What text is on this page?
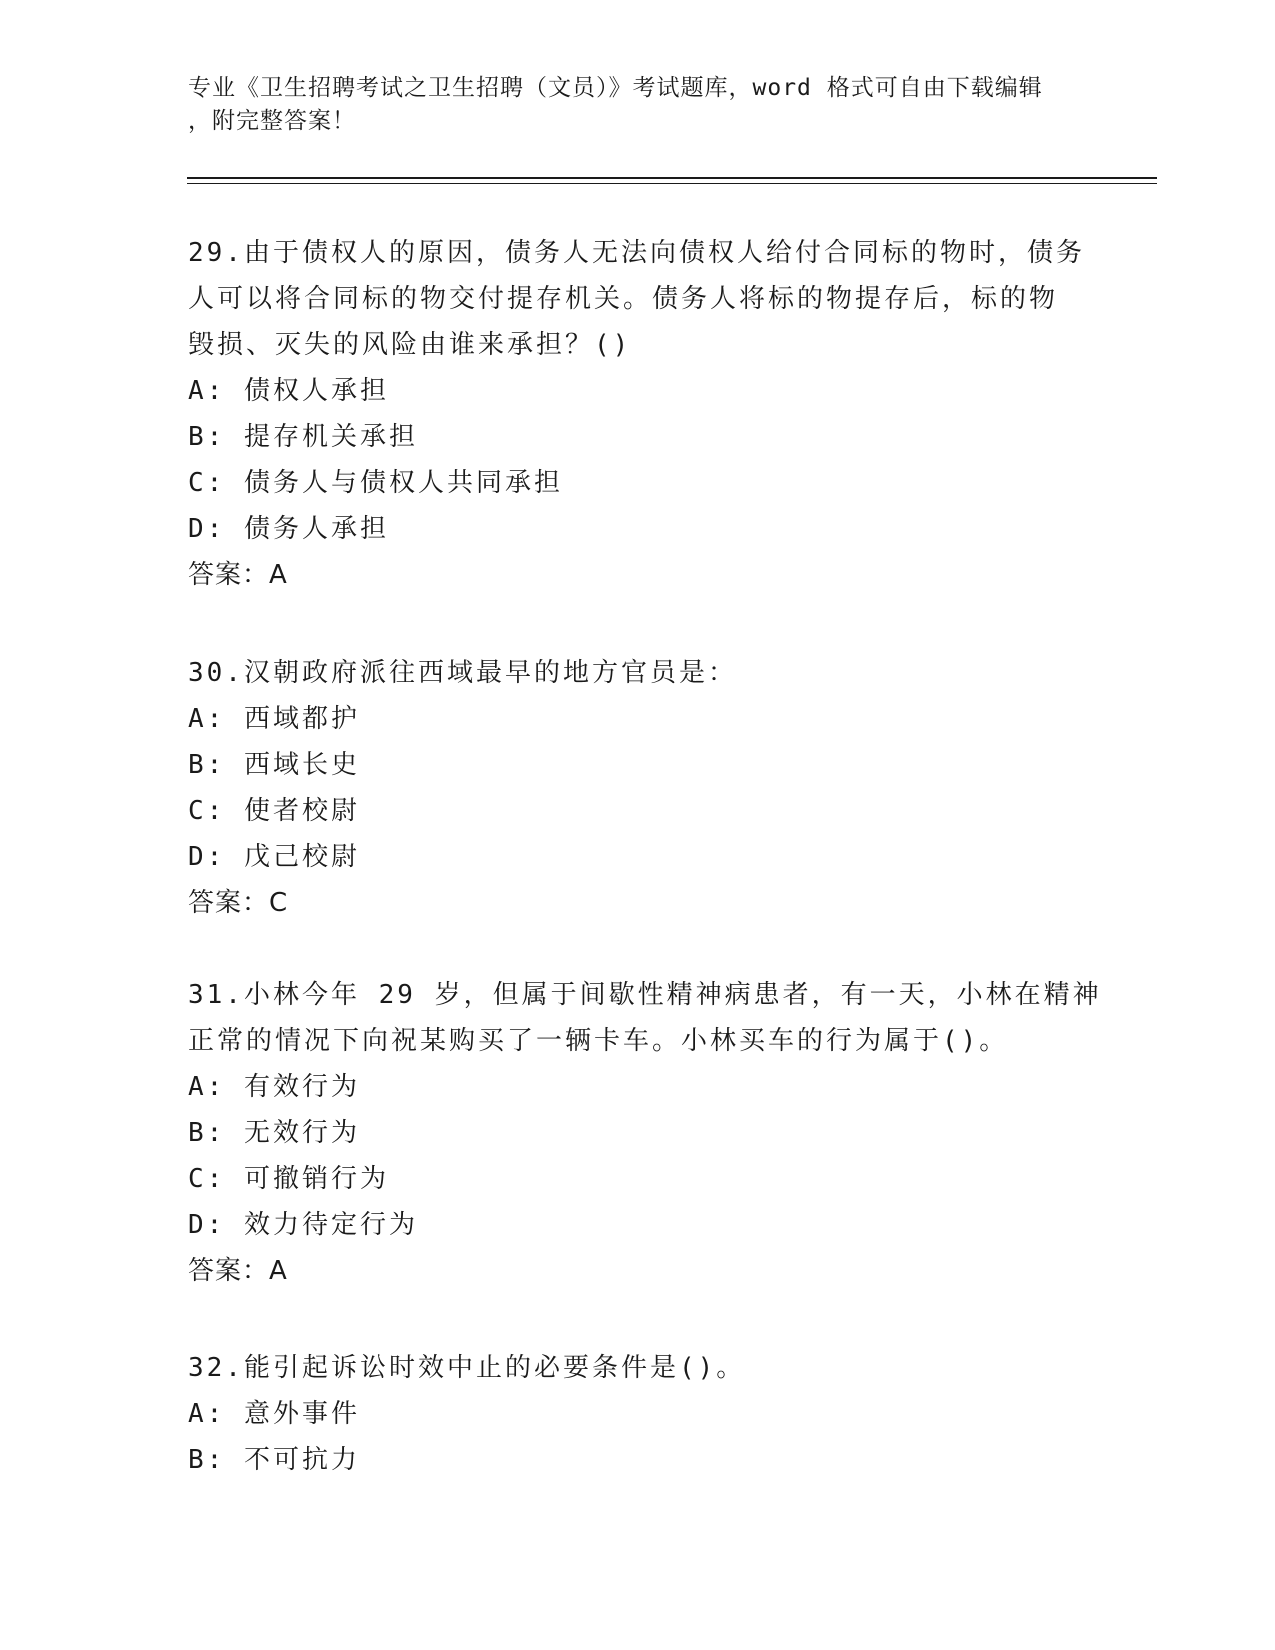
专业《卫生招聘考试之卫生招聘（文员）》考试题库，word 格式可自由下载编辑
，附完整答案！
29.由于债权人的原因，债务人无法向债权人给付合同标的物时，债务
人可以将合同标的物交付提存机关。债务人将标的物提存后，标的物
毁损、灭失的风险由谁来承担？()
A: 债权人承担
B: 提存机关承担
C: 债务人与债权人共同承担
D: 债务人承担
答案：A
30.汉朝政府派往西域最早的地方官员是：
A: 西域都护
B: 西域长史
C: 使者校尉
D: 戊己校尉
答案：C
31.小林今年 29 岁，但属于间歇性精神病患者，有一天，小林在精神
正常的情况下向祝某购买了一辆卡车。小林买车的行为属于()。
A: 有效行为
B: 无效行为
C: 可撤销行为
D: 效力待定行为
答案：A
32.能引起诉讼时效中止的必要条件是()。
A: 意外事件
B: 不可抗力
